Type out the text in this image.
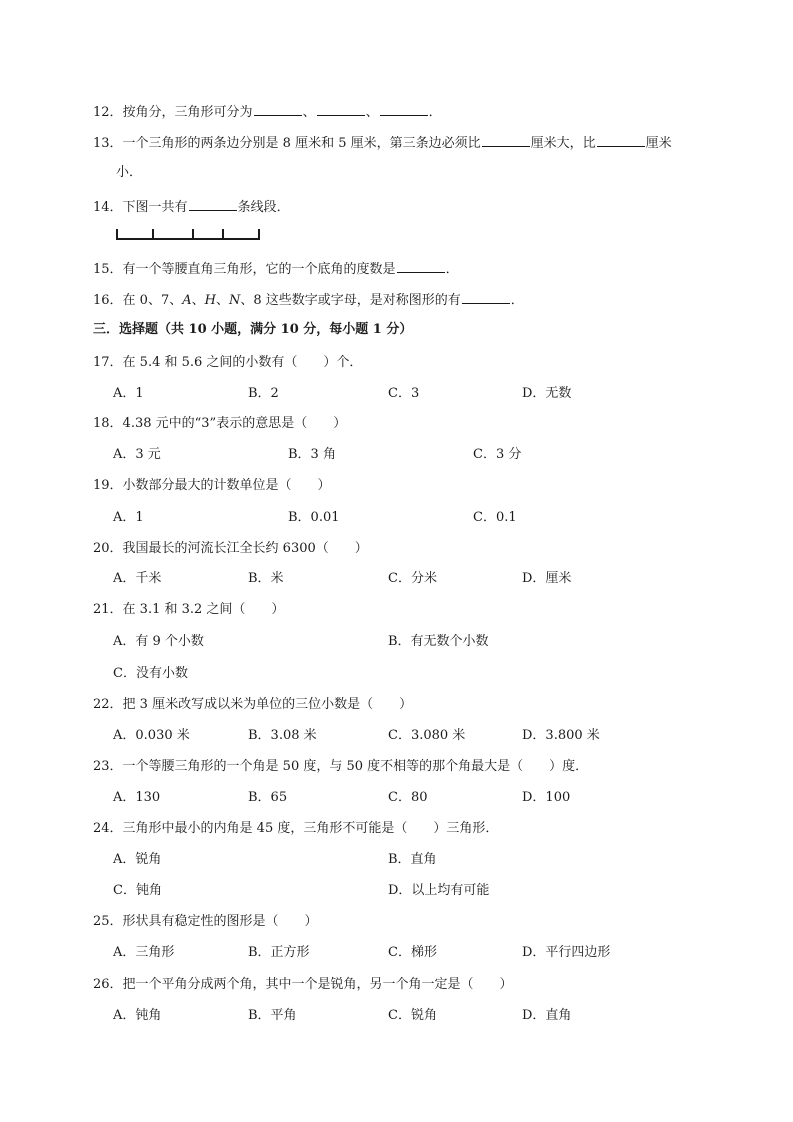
12．按角分，三角形可分为	、	、	．
13．一个三角形的两条边分别是 8 厘米和 5 厘米，第三条边必须比	厘米大，比	厘米
小．
14．下图一共有	条线段．
15．有一个等腰直角三角形，它的一个底角的度数是	．
16．在 0、7、A、H、N、8 这些数字或字母，是对称图形的有	．
三．选择题（共 10 小题，满分 10 分，每小题 1 分）
17．在 5.4 和 5.6 之间的小数有（　　）个．
A．1	B．2	C．3	D．无数
18．4.38 元中的“3”表示的意思是（　　）
A．3 元	B．3 角	C．3 分
19．小数部分最大的计数单位是（　　）
A．1	B．0.01	C．0.1
20．我国最长的河流长江全长约 6300（　　）
A．千米	B．米	C．分米	D．厘米
21．在 3.1 和 3.2 之间（　　）
A．有 9 个小数	B．有无数个小数
C．没有小数
22．把 3 厘米改写成以米为单位的三位小数是（　　）
A．0.030 米	B．3.08 米	C．3.080 米	D．3.800 米
23．一个等腰三角形的一个角是 50 度，与 50 度不相等的那个角最大是（　　）度．
A．130	B．65	C．80	D．100
24．三角形中最小的内角是 45 度，三角形不可能是（　　）三角形．
A．锐角	B．直角
C．钝角	D．以上均有可能
25．形状具有稳定性的图形是（　　）
A．三角形	B．正方形	C．梯形	D．平行四边形
26．把一个平角分成两个角，其中一个是锐角，另一个角一定是（　　）
A．钝角	B．平角	C．锐角	D．直角
